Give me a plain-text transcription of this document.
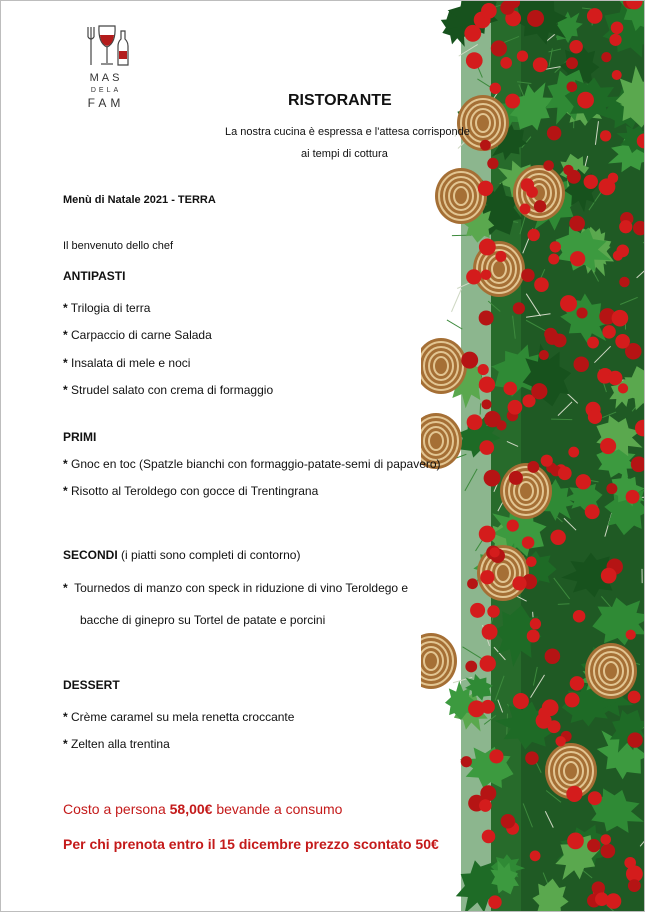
MAS
DELA
FAM	RISTORANTE
La nostra cucina è espressa e l'attesa corrisponde
ai tempi di cottura
Menù di Natale 2021 - TERRA
Il benvenuto dello chef
ANTIPASTI
* Trilogia di terra
* Carpaccio di carne Salada
* Insalata di mele e noci
* Strudel salato con crema di formaggio
PRIMI
* Gnoc en toc (Spatzle bianchi con formaggio-patate-semi di papavero)
* Risotto al Teroldego con gocce di Trentingrana
SECONDI (i piatti sono completi di contorno)
* Tournedos di manzo con speck in riduzione di vino Teroldego e
bacche di ginepro su Tortel de patate e porcini
DESSERT
* Crème caramel su mela renetta croccante
* Zelten alla trentina
Costo a persona 58,00€ bevande a consumo
Per chi prenota entro il 15 dicembre prezzo scontato 50€
